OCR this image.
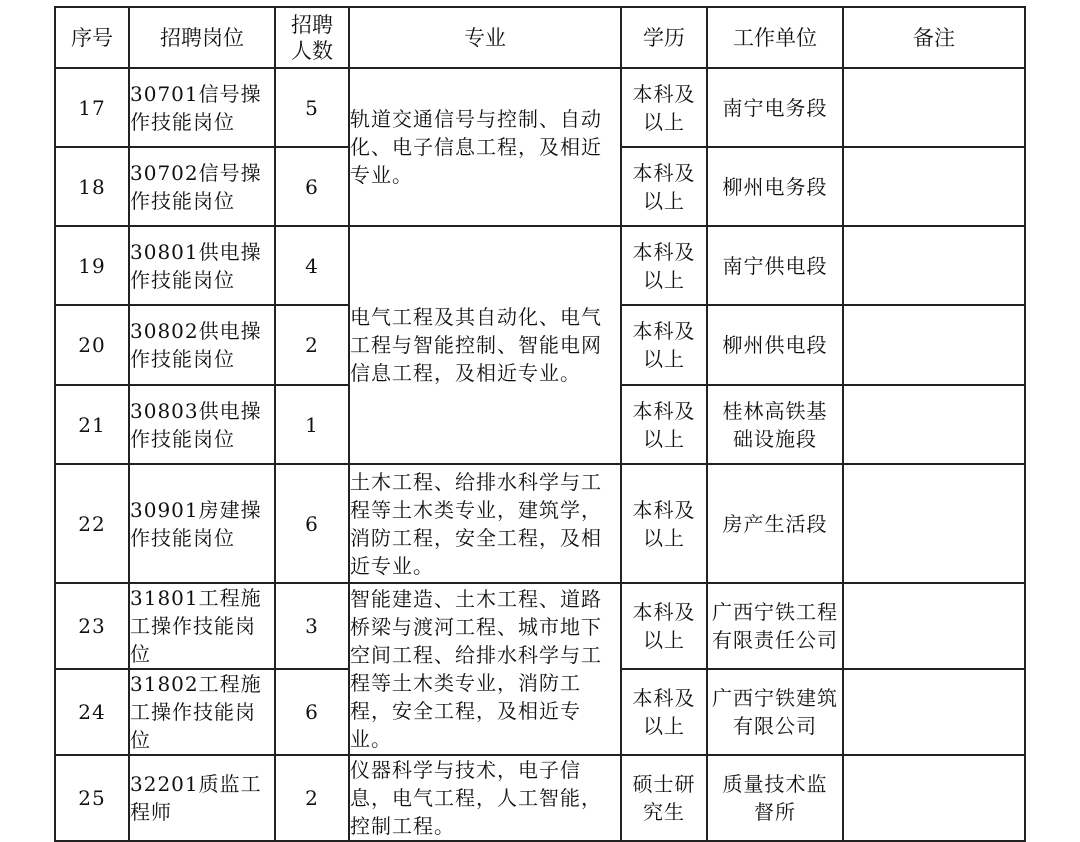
序号	招聘岗位	招聘人数	专业	学历	工作单位	备注
17	30701信号操作技能岗位	5	轨道交通信号与控制、自动化、电子信息工程，及相近专业。	本科及以上	南宁电务段	
18	30702信号操作技能岗位	6		本科及以上	柳州电务段	
19	30801供电操作技能岗位	4	电气工程及其自动化、电气工程与智能控制、智能电网信息工程，及相近专业。	本科及以上	南宁供电段	
20	30802供电操作技能岗位	2		本科及以上	柳州供电段	
21	30803供电操作技能岗位	1		本科及以上	桂林高铁基础设施段	
22	30901房建操作技能岗位	6	土木工程、给排水科学与工程等土木类专业，建筑学，消防工程，安全工程，及相近专业。	本科及以上	房产生活段	
23	31801工程施工操作技能岗位	3	智能建造、土木工程、道路桥梁与渡河工程、城市地下空间工程、给排水科学与工程等土木类专业，消防工程，安全工程，及相近专业。	本科及以上	广西宁铁工程有限责任公司	
24	31802工程施工操作技能岗位	6		本科及以上	广西宁铁建筑有限公司	
25	32201质监工程师	2	仪器科学与技术，电子信息，电气工程，人工智能，控制工程。	硕士研究生	质量技术监督所	
